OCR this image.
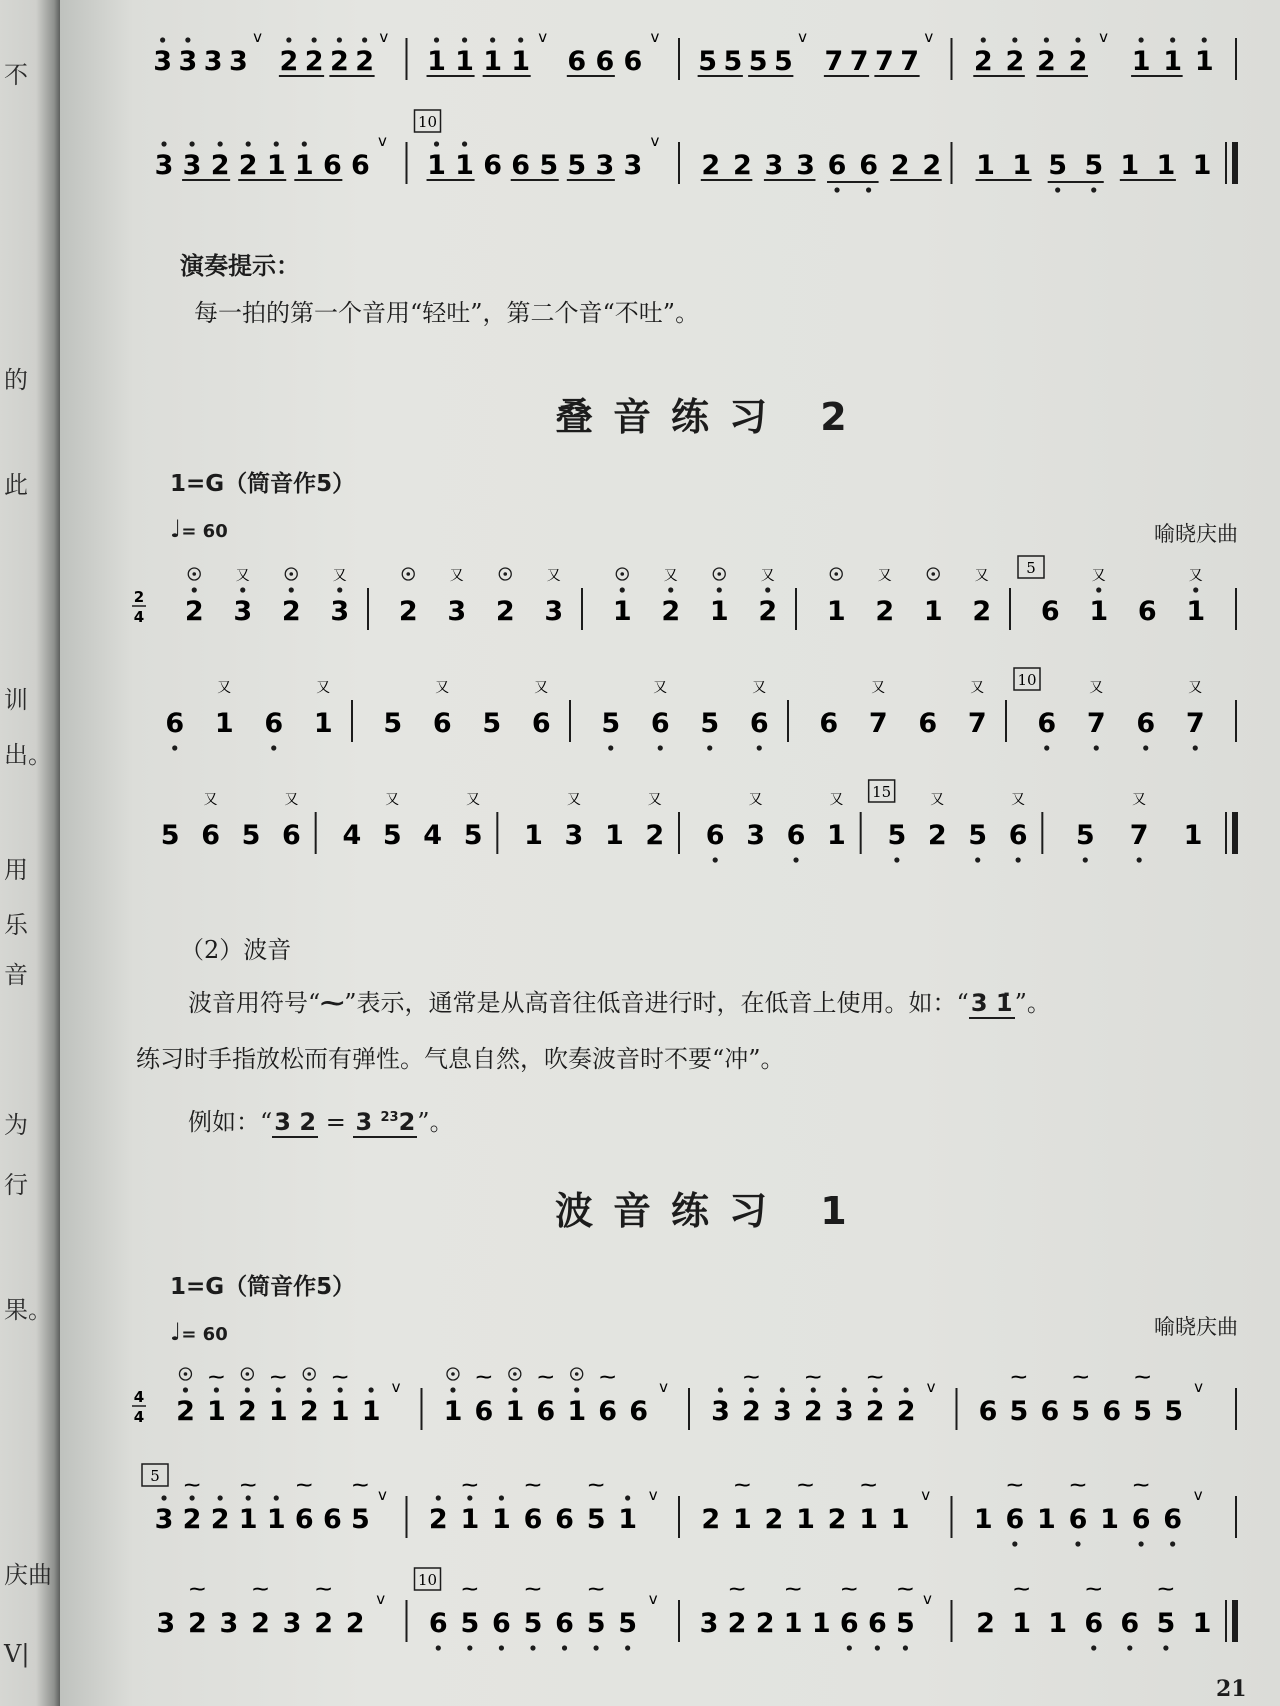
不
的
此
训
出。
用
乐
音
为
行
果。
庆曲
V|
3 3 3 3
v
2 2 2 2
v
1 1 1 1
v
6 6 6
v
5 5 5 5
v
7 7 7 7
v
2 2 2 2
v
1 1 1
3 3 2 2 1 1 6 6
v
10
1 1 6 6 5 5 3 3
v
2 2 3 3 6 6 2 2 1 1 5 5 1 1 1
演奏提示：
每一拍的第一个音用“轻吐”，第二个音“不吐”。
叠音练习 2
1=G（筒音作5）
♩= 60	喻晓庆曲
2
4 2 3
又
2 3
又
2 3
又
2 3
又
1 2
又
1 2
又
1 2
又
1 2
又 5
6 1
又
6 1
又
6 1
又
6 1
又
5 6
又
5 6
又
5 6
又
5 6
又
6 7
又
6 7
又 10
6 7
又
6 7
又
5 6
又
5 6
又
4 5
又
4 5
又
1 3
又
1 2
又
6 3
又
6 1
又 15
5 2
又
5 6
又
5 7
又
1
（2）波音
波音用符号“⁓”表示，通常是从高音往低音进行时，在低音上使用。如：“3 1̇”。
练习时手指放松而有弹性。气息自然，吹奏波音时不要“冲”。
例如：“3 2 = 3 $^{23}$2”。
波音练习 1
1=G（筒音作5）
♩= 60	喻晓庆曲
4
4 2 1
⁓
2 1
⁓
2 1
⁓
1
v
1 6
⁓
1 6
⁓
1 6
⁓
6
v
3 2
⁓
3 2
⁓
3 2
⁓
2
v
6 5
⁓
6 5
⁓
6 5
⁓
5
v
5
3 2
⁓
2 1
⁓
1 6
⁓
6 5
⁓
v
2 1
⁓
1 6
⁓
6 5
⁓
1
v
2 1
⁓
2 1
⁓
2 1
⁓
1
v
1 6
⁓
1 6
⁓
1 6
⁓
6
v
3 2
⁓
3 2
⁓
3 2
⁓
2
v
10
6 5
⁓
6 5
⁓
6 5
⁓
5
v
3 2
⁓
2 1
⁓
1 6
⁓
6 5
⁓
v
2 1
⁓
1 6
⁓
6 5
⁓
1
21
